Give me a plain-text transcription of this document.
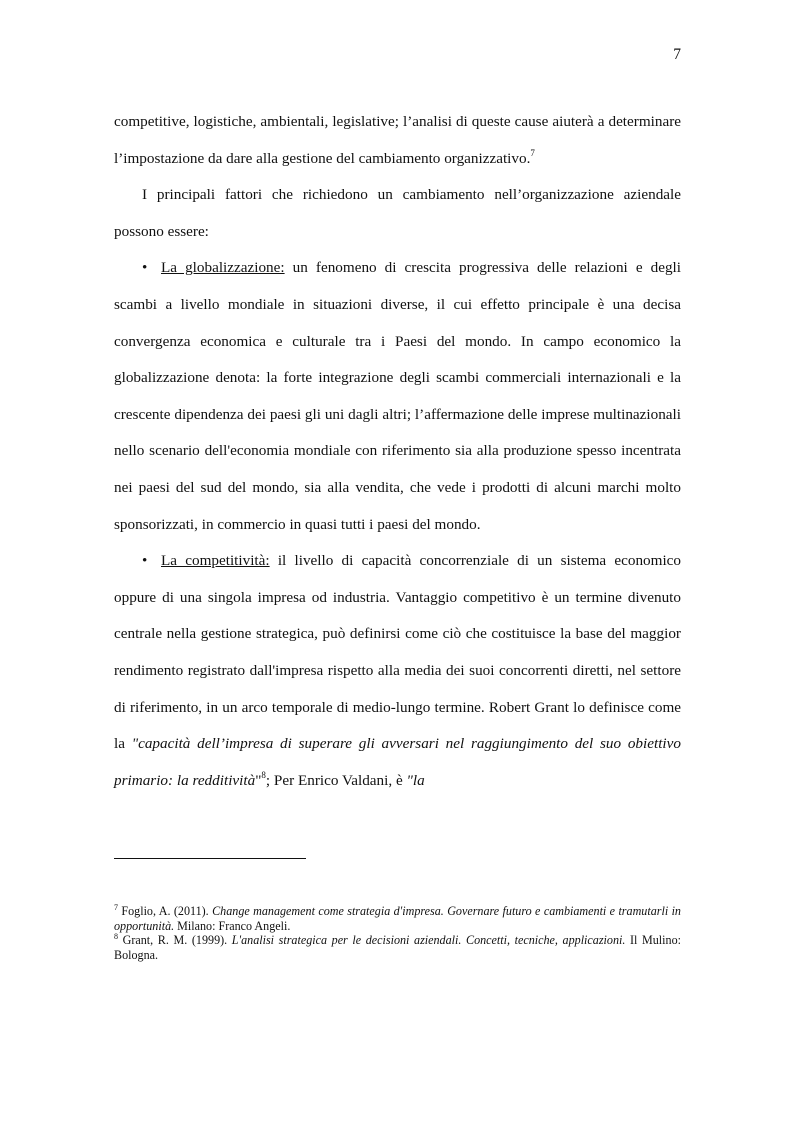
7

competitive, logistiche, ambientali, legislative; l’analisi di queste cause aiuterà a determinare l’impostazione da dare alla gestione del cambiamento organizzativo.$^7$

I principali fattori che richiedono un cambiamento nell’organizzazione aziendale possono essere:

• La globalizzazione: un fenomeno di crescita progressiva delle relazioni e degli scambi a livello mondiale in situazioni diverse, il cui effetto principale è una decisa convergenza economica e culturale tra i Paesi del mondo. In campo economico la globalizzazione denota: la forte integrazione degli scambi commerciali internazionali e la crescente dipendenza dei paesi gli uni dagli altri; l’affermazione delle imprese multinazionali nello scenario dell'economia mondiale con riferimento sia alla produzione spesso incentrata nei paesi del sud del mondo, sia alla vendita, che vede i prodotti di alcuni marchi molto sponsorizzati, in commercio in quasi tutti i paesi del mondo.

• La competitività: il livello di capacità concorrenziale di un sistema economico oppure di una singola impresa od industria. Vantaggio competitivo è un termine divenuto centrale nella gestione strategica, può definirsi come ciò che costituisce la base del maggior rendimento registrato dall'impresa rispetto alla media dei suoi concorrenti diretti, nel settore di riferimento, in un arco temporale di medio-lungo termine. Robert Grant lo definisce come la "capacità dell’impresa di superare gli avversari nel raggiungimento del suo obiettivo primario: la redditività"$^8$; Per Enrico Valdani, è "la

$^7$ Foglio, A. (2011). Change management come strategia d'impresa. Governare futuro e cambiamenti e tramutarli in opportunità. Milano: Franco Angeli.

$^8$ Grant, R. M. (1999). L'analisi strategica per le decisioni aziendali. Concetti, tecniche, applicazioni. Il Mulino: Bologna.
